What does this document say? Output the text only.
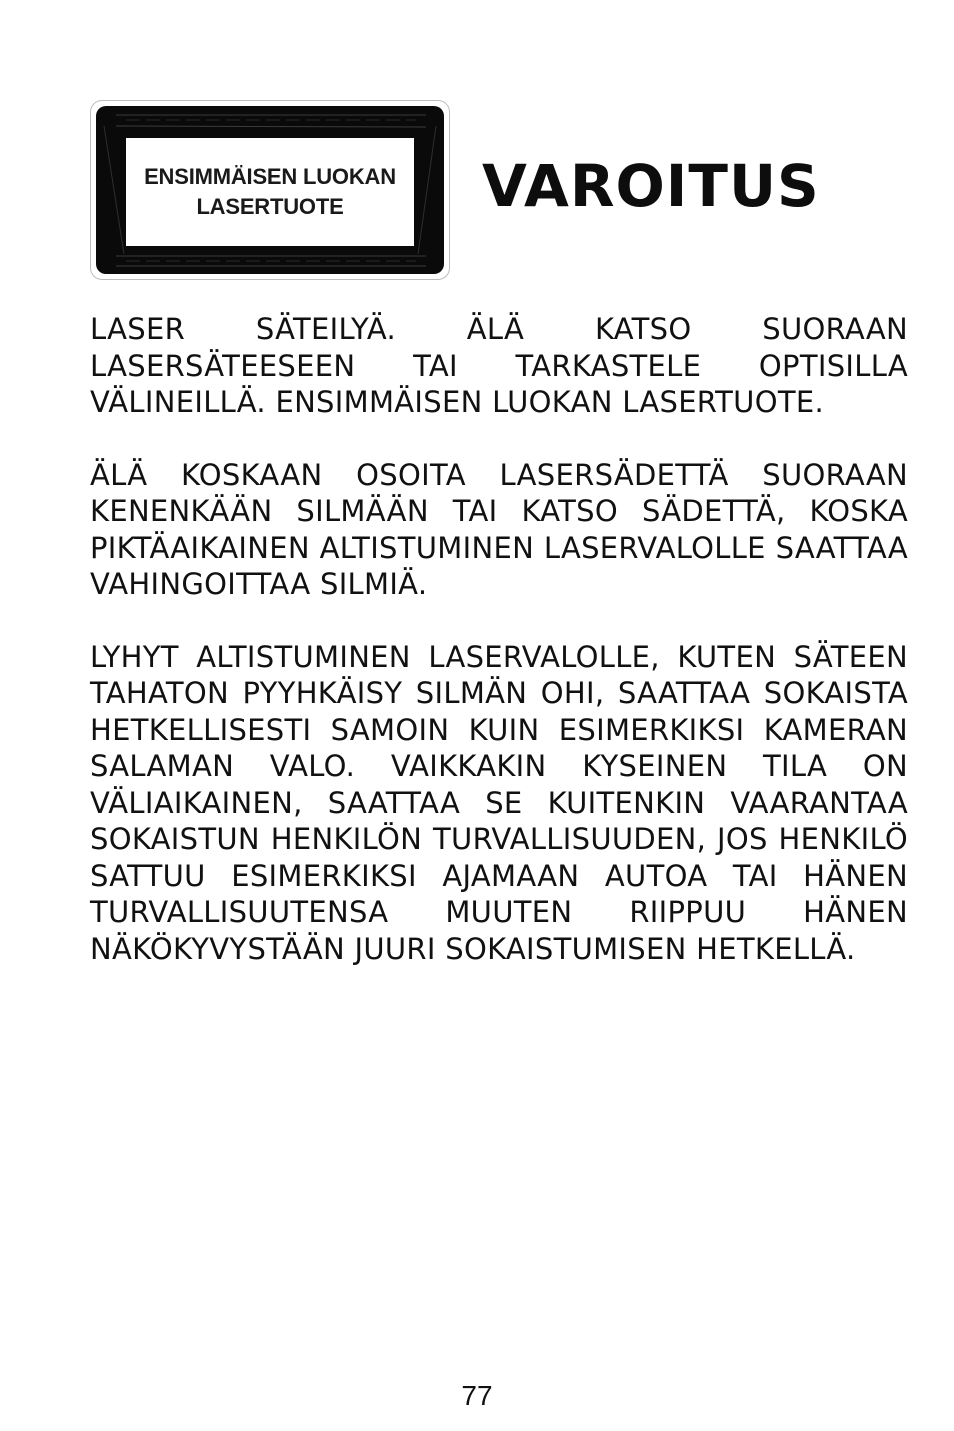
ENSIMMÄISEN LUOKAN
LASERTUOTE VAROITUS

LASER SÄTEILYÄ. ÄLÄ KATSO SUORAAN LASERSÄTEESEEN TAI TARKASTELE OPTISILLA VÄLINEILLÄ. ENSIMMÄISEN LUOKAN LASERTUOTE.

ÄLÄ KOSKAAN OSOITA LASERSÄDETTÄ SUORAAN KENENKÄÄN SILMÄÄN TAI KATSO SÄDETTÄ, KOSKA PIKTÄAIKAINEN ALTISTUMINEN LASERVALOLLE SAATTAA VAHINGOITTAA SILMIÄ.

LYHYT ALTISTUMINEN LASERVALOLLE, KUTEN SÄTEEN TAHATON PYYHKÄISY SILMÄN OHI, SAATTAA SOKAISTA HETKELLISESTI SAMOIN KUIN ESIMERKIKSI KAMERAN SALAMAN VALO. VAIKKAKIN KYSEINEN TILA ON VÄLIAIKAINEN, SAATTAA SE KUITENKIN VAARANTAA SOKAISTUN HENKILÖN TURVALLISUUDEN, JOS HENKILÖ SATTUU ESIMERKIKSI AJAMAAN AUTOA TAI HÄNEN TURVALLISUUTENSA MUUTEN RIIPPUU HÄNEN NÄKÖKYVYSTÄÄN JUURI SOKAISTUMISEN HETKELLÄ.

77
